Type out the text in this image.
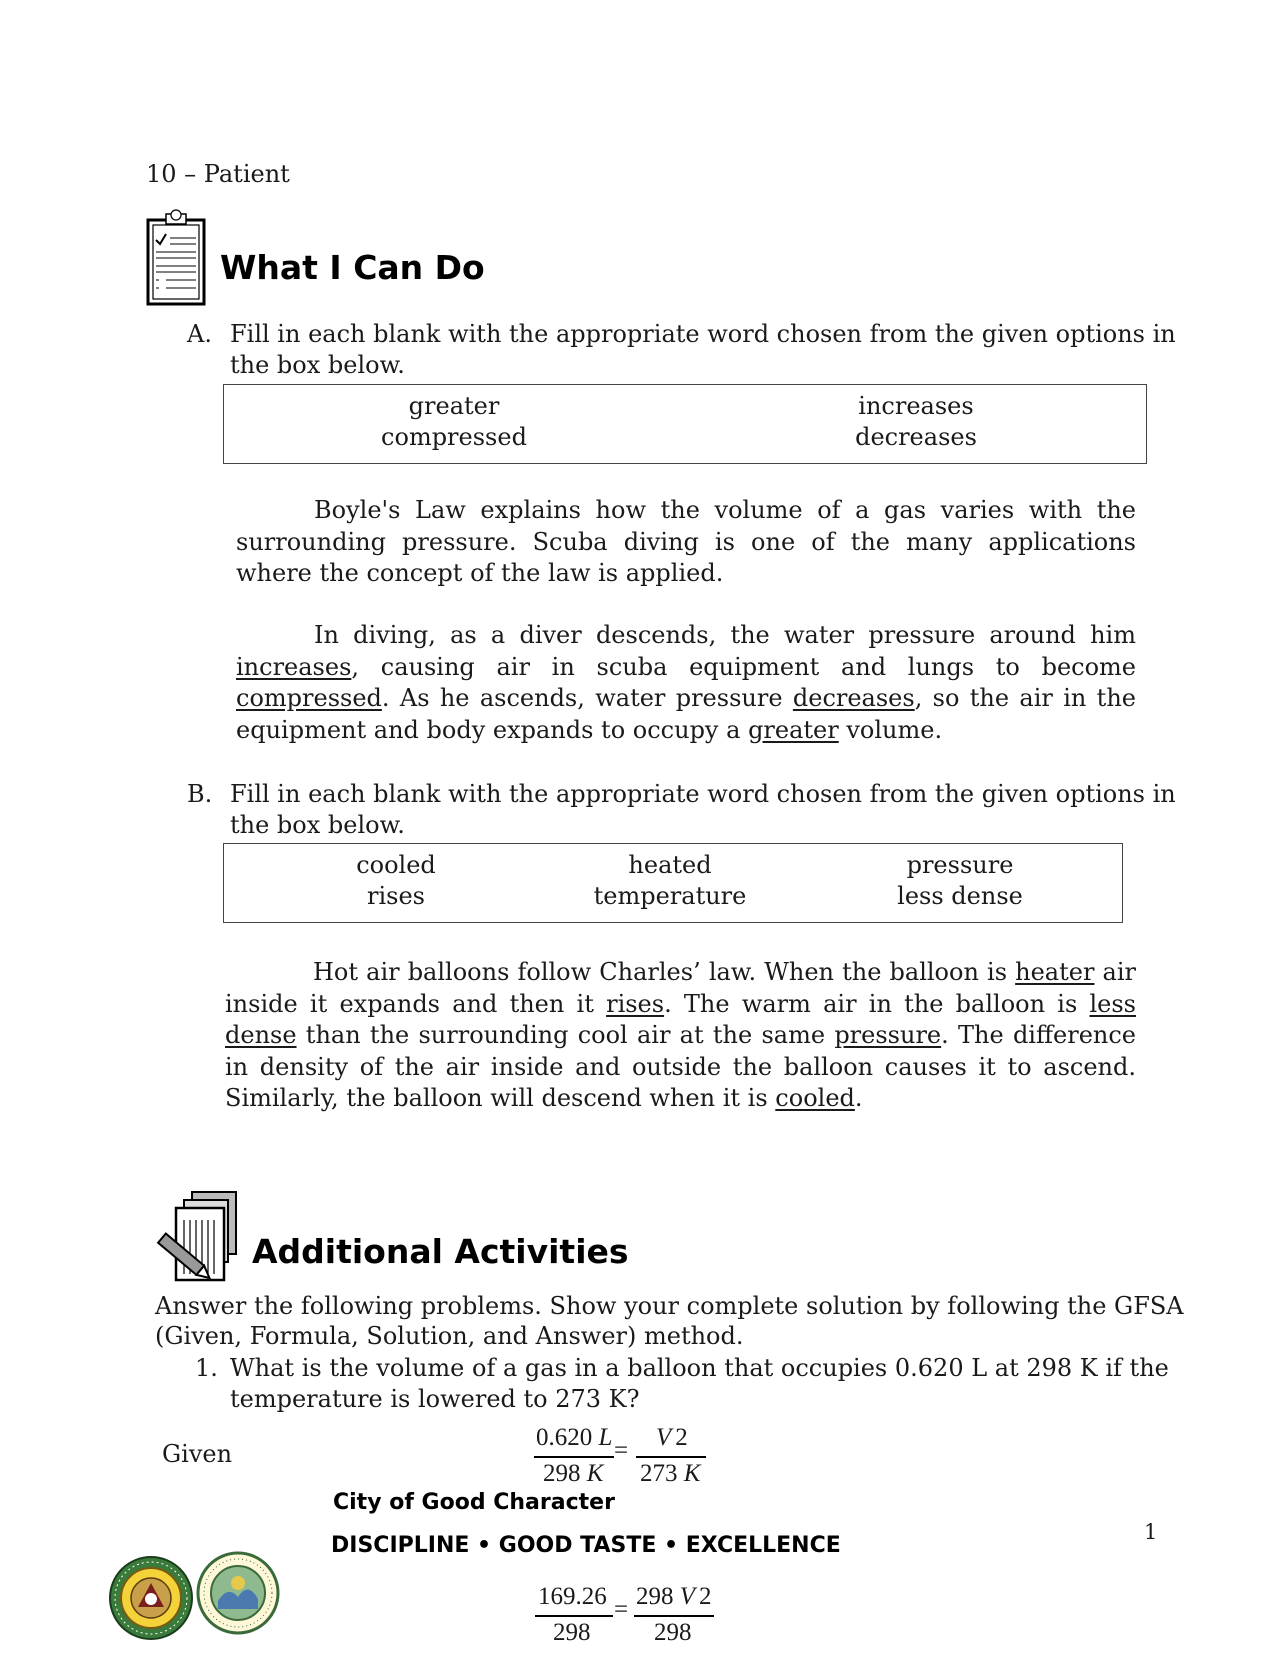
10 – Patient
What I Can Do
A. Fill in each blank with the appropriate word chosen from the given options in
the box below.
greater
compressed
increases
decreases
Boyle's Law explains how the volume of a gas varies with the surrounding pressure. Scuba diving is one of the many applications where the concept of the law is applied.
In diving, as a diver descends, the water pressure around him increases, causing air in scuba equipment and lungs to become compressed. As he ascends, water pressure decreases, so the air in the equipment and body expands to occupy a greater volume.
B. Fill in each blank with the appropriate word chosen from the given options in
the box below.
cooled
rises
heated
temperature
pressure
less dense
Hot air balloons follow Charles’ law. When the balloon is heater air inside it expands and then it rises. The warm air in the balloon is less dense than the surrounding cool air at the same pressure. The difference in density of the air inside and outside the balloon causes it to ascend. Similarly, the balloon will descend when it is cooled.
Additional Activities
Answer the following problems. Show your complete solution by following the GFSA
(Given, Formula, Solution, and Answer) method.
1. What is the volume of a gas in a balloon that occupies 0.620 L at 298 K if the
temperature is lowered to 273 K?
Given
0.620 L
298 K
= V 2
273 K
City of Good Character
DISCIPLINE • GOOD TASTE • EXCELLENCE
1
169.26
298
= 298 V 2
298
